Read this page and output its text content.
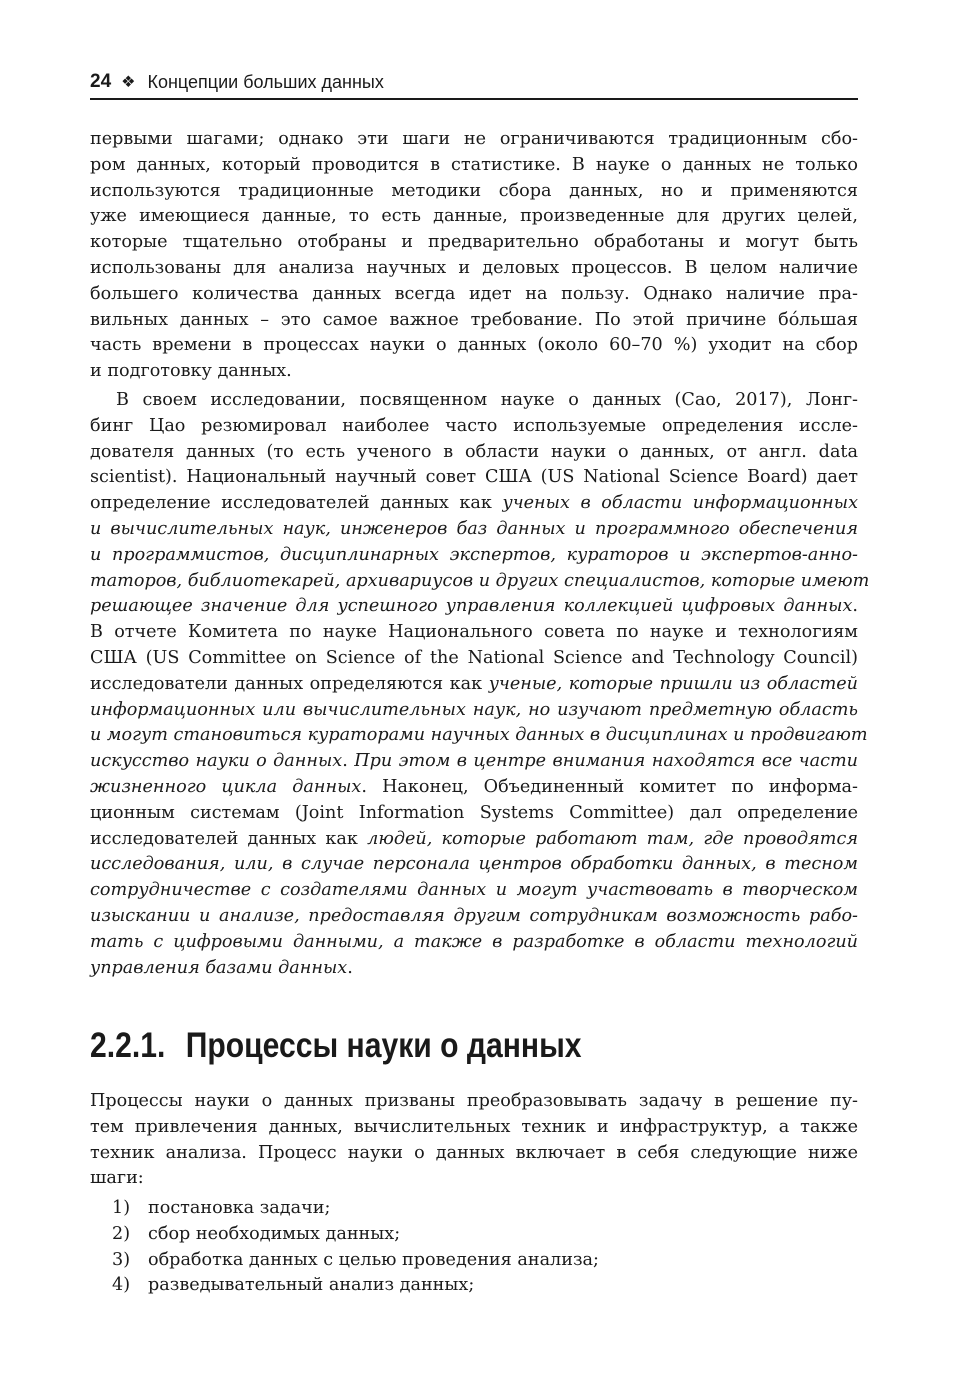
24 ❖ Концепции больших данных
первыми шагами; однако эти шаги не ограничиваются традиционным сбо-
ром данных, который проводится в статистике. В науке о данных не только
используются традиционные методики сбора данных, но и применяются
уже имеющиеся данные, то есть данные, произведенные для других целей,
которые тщательно отобраны и предварительно обработаны и могут быть
использованы для анализа научных и деловых процессов. В целом наличие
большего количества данных всегда идет на пользу. Однако наличие пра-
вильных данных – это самое важное требование. По этой причине бóльшая
часть времени в процессах науки о данных (около 60–70 %) уходит на сбор
и подготовку данных.
В своем исследовании, посвященном науке о данных (Cao, 2017), Лонг-
бинг Цао резюмировал наиболее часто используемые определения иссле-
дователя данных (то есть ученого в области науки о данных, от англ. data
scientist). Национальный научный совет США (US National Science Board) дает
определение исследователей данных как ученых в области информационных
и вычислительных наук, инженеров баз данных и программного обеспечения
и программистов, дисциплинарных экспертов, кураторов и экспертов-анно-
таторов, библиотекарей, архивариусов и других специалистов, которые имеют
решающее значение для успешного управления коллекцией цифровых данных.
В отчете Комитета по науке Национального совета по науке и технологиям
США (US Committee on Science of the National Science and Technology Council)
исследователи данных определяются как ученые, которые пришли из областей
информационных или вычислительных наук, но изучают предметную область
и могут становиться кураторами научных данных в дисциплинах и продвигают
искусство науки о данных. При этом в центре внимания находятся все части
жизненного цикла данных. Наконец, Объединенный комитет по информа-
ционным системам (Joint Information Systems Committee) дал определение
исследователей данных как людей, которые работают там, где проводятся
исследования, или, в случае персонала центров обработки данных, в тесном
сотрудничестве с создателями данных и могут участвовать в творческом
изыскании и анализе, предоставляя другим сотрудникам возможность рабо-
тать с цифровыми данными, а также в разработке в области технологий
управления базами данных.
2.2.1. Процессы науки о данных
Процессы науки о данных призваны преобразовывать задачу в решение пу-
тем привлечения данных, вычислительных техник и инфраструктур, а также
техник анализа. Процесс науки о данных включает в себя следующие ниже
шаги:
1)	постановка задачи;
2)	сбор необходимых данных;
3)	обработка данных с целью проведения анализа;
4)	разведывательный анализ данных;
